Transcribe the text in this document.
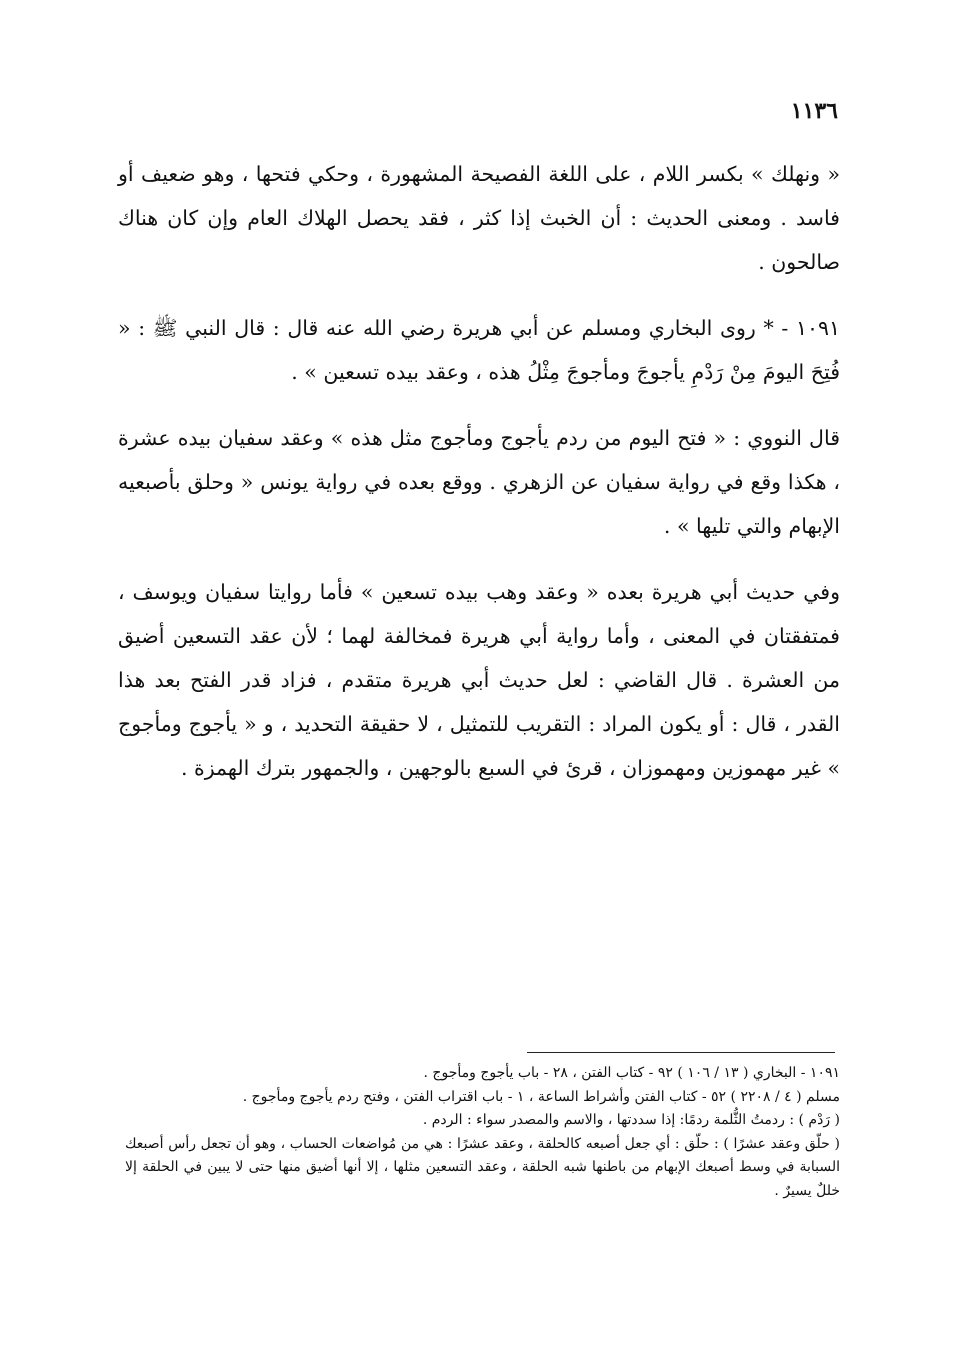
١١٣٦

« ونهلك » بكسر اللام ، على اللغة الفصيحة المشهورة ، وحكي فتحها ، وهو ضعيف أو فاسد . ومعنى الحديث : أن الخبث إذا كثر ، فقد يحصل الهلاك العام وإن كان هناك صالحون .

١٠٩١ - * روى البخاري ومسلم عن أبي هريرة رضي الله عنه قال : قال النبي ﷺ : « فُتِحَ اليومَ مِنْ رَدْمِ يأجوجَ ومأجوجَ مِثْلُ هذه ، وعقد بيده تسعين » .

قال النووي : « فتح اليوم من ردم يأجوج ومأجوج مثل هذه » وعقد سفيان بيده عشرة ، هكذا وقع في رواية سفيان عن الزهري . ووقع بعده في رواية يونس « وحلق بأصبعيه الإبهام والتي تليها » .

وفي حديث أبي هريرة بعده « وعقد وهب بيده تسعين » فأما روايتا سفيان ويوسف ، فمتفقتان في المعنى ، وأما رواية أبي هريرة فمخالفة لهما ؛ لأن عقد التسعين أضيق من العشرة . قال القاضي : لعل حديث أبي هريرة متقدم ، فزاد قدر الفتح بعد هذا القدر ، قال : أو يكون المراد : التقريب للتمثيل ، لا حقيقة التحديد ، و « يأجوج ومأجوج » غير مهموزين ومهموزان ، قرئ في السبع بالوجهين ، والجمهور بترك الهمزة .

١٠٩١ - البخاري ( ١٣ / ١٠٦ ) ٩٢ - كتاب الفتن ، ٢٨ - باب يأجوج ومأجوج .

مسلم ( ٤ / ٢٢٠٨ ) ٥٢ - كتاب الفتن وأشراط الساعة ، ١ - باب اقتراب الفتن ، وفتح ردم يأجوج ومأجوج .

( رَدْم ) : ردمتُ الثُّلمة ردمًا: إذا سددتها ، والاسم والمصدر سواء : الردم .

( حلّق وعقد عشرًا ) : حلّق : أي جعل أصبعه كالحلقة ، وعقد عشرًا : هي من مُواضعات الحساب ، وهو أن تجعل رأس أصبعك السبابة في وسط أصبعك الإبهام من باطنها شبه الحلقة ، وعقد التسعين مثلها ، إلا أنها أضيق منها حتى لا يبين في الحلقة إلا خللٌ يسيرٌ .
